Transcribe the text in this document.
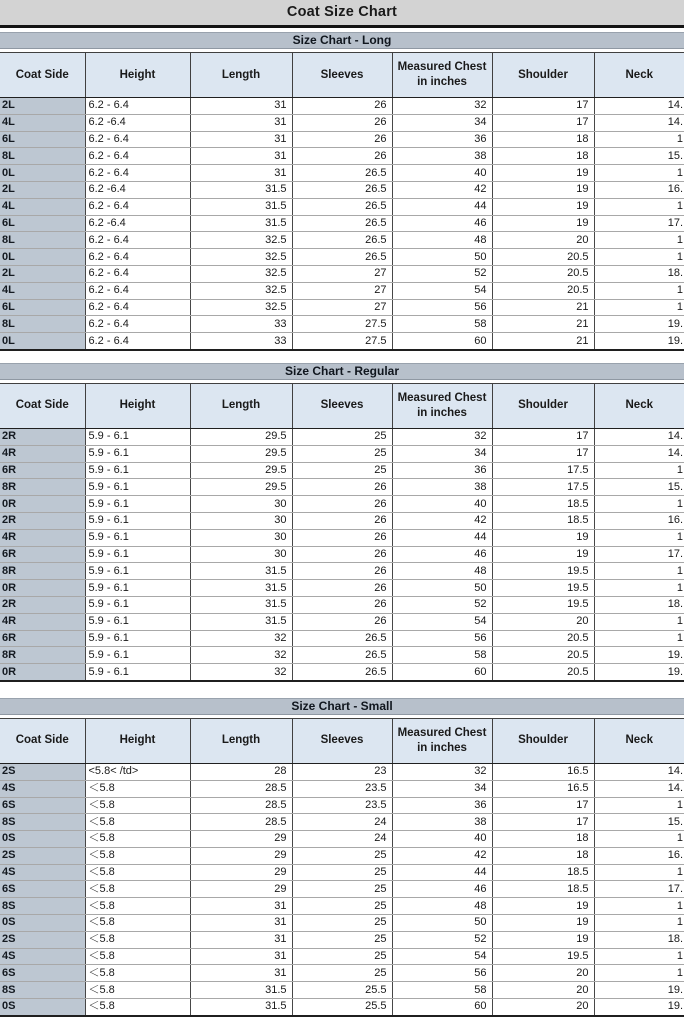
Coat Size Chart
Size Chart - Long
Coat Side	Height	Length	Sleeves	Measured Chest in inches	Shoulder	Neck
2L	6.2 - 6.4	31	26	32	17	14.
4L	6.2 -6.4	31	26	34	17	14.
6L	6.2 - 6.4	31	26	36	18	1
8L	6.2 - 6.4	31	26	38	18	15.
0L	6.2 - 6.4	31	26.5	40	19	1
2L	6.2 -6.4	31.5	26.5	42	19	16.
4L	6.2 - 6.4	31.5	26.5	44	19	1
6L	6.2 -6.4	31.5	26.5	46	19	17.
8L	6.2 - 6.4	32.5	26.5	48	20	1
0L	6.2 - 6.4	32.5	26.5	50	20.5	1
2L	6.2 - 6.4	32.5	27	52	20.5	18.
4L	6.2 - 6.4	32.5	27	54	20.5	1
6L	6.2 - 6.4	32.5	27	56	21	1
8L	6.2 - 6.4	33	27.5	58	21	19.
0L	6.2 - 6.4	33	27.5	60	21	19.
Size Chart - Regular
Coat Side	Height	Length	Sleeves	Measured Chest in inches	Shoulder	Neck
2R	5.9 - 6.1	29.5	25	32	17	14.
4R	5.9 - 6.1	29.5	25	34	17	14.
6R	5.9 - 6.1	29.5	25	36	17.5	1
8R	5.9 - 6.1	29.5	26	38	17.5	15.
0R	5.9 - 6.1	30	26	40	18.5	1
2R	5.9 - 6.1	30	26	42	18.5	16.
4R	5.9 - 6.1	30	26	44	19	1
6R	5.9 - 6.1	30	26	46	19	17.
8R	5.9 - 6.1	31.5	26	48	19.5	1
0R	5.9 - 6.1	31.5	26	50	19.5	1
2R	5.9 - 6.1	31.5	26	52	19.5	18.
4R	5.9 - 6.1	31.5	26	54	20	1
6R	5.9 - 6.1	32	26.5	56	20.5	1
8R	5.9 - 6.1	32	26.5	58	20.5	19.
0R	5.9 - 6.1	32	26.5	60	20.5	19.
Size Chart - Small
Coat Side	Height	Length	Sleeves	Measured Chest in inches	Shoulder	Neck
2S	<5.8< /td>	28	23	32	16.5	14.
4S	＜5.8	28.5	23.5	34	16.5	14.
6S	＜5.8	28.5	23.5	36	17	1
8S	＜5.8	28.5	24	38	17	15.
0S	＜5.8	29	24	40	18	1
2S	＜5.8	29	25	42	18	16.
4S	＜5.8	29	25	44	18.5	1
6S	＜5.8	29	25	46	18.5	17.
8S	＜5.8	31	25	48	19	1
0S	＜5.8	31	25	50	19	1
2S	＜5.8	31	25	52	19	18.
4S	＜5.8	31	25	54	19.5	1
6S	＜5.8	31	25	56	20	1
8S	＜5.8	31.5	25.5	58	20	19.
0S	＜5.8	31.5	25.5	60	20	19.
